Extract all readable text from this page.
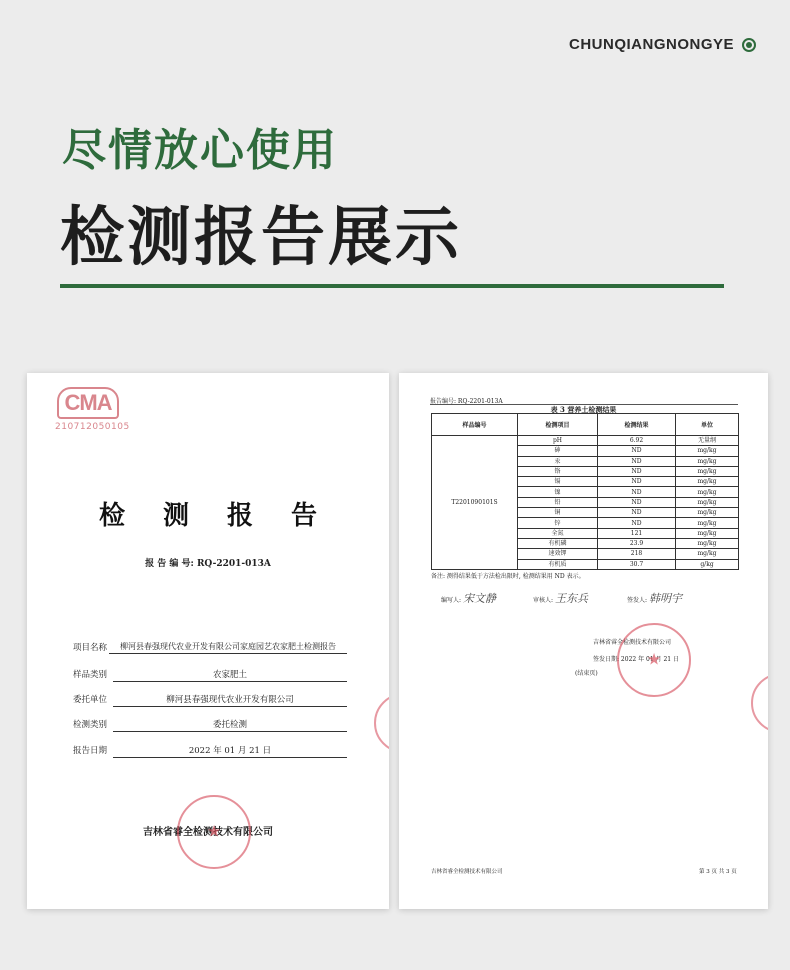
CHUNQIANGNONGYE
尽情放心使用
检测报告展示
CMA
210712050105
检 测 报 告
报 告 编 号: RQ-2201-013A
项目名称	柳河县春强现代农业开发有限公司家庭园艺农家肥土检测报告
样品类别	农家肥土
委托单位	柳河县春强现代农业开发有限公司
检测类别	委托检测
报告日期	2022 年 01 月 21 日
吉林省睿全检测技术有限公司
★
报告编号: RQ-2201-013A
表 3 营养土检测结果
样品编号	检测项目	检测结果	单位
T2201090101S	pH	6.92	无量纲
	砷	ND	mg/kg
	汞	ND	mg/kg
	铬	ND	mg/kg
	镉	ND	mg/kg
	镍	ND	mg/kg
	铅	ND	mg/kg
	铜	ND	mg/kg
	锌	ND	mg/kg
	全氮	121	mg/kg
	有机磷	23.9	mg/kg
	速效钾	218	mg/kg
	有机质	30.7	g/kg
备注: 测得结果低于方法检出限时, 检测结果用 ND 表示。
编写人: 宋文静	审核人: 王东兵	签发人: 韩明宇
吉林省睿全检测技术有限公司
签发日期: 2022 年 01 月 21 日
(结束页)
★
吉林省睿全检测技术有限公司	第 3 页 共 3 页
